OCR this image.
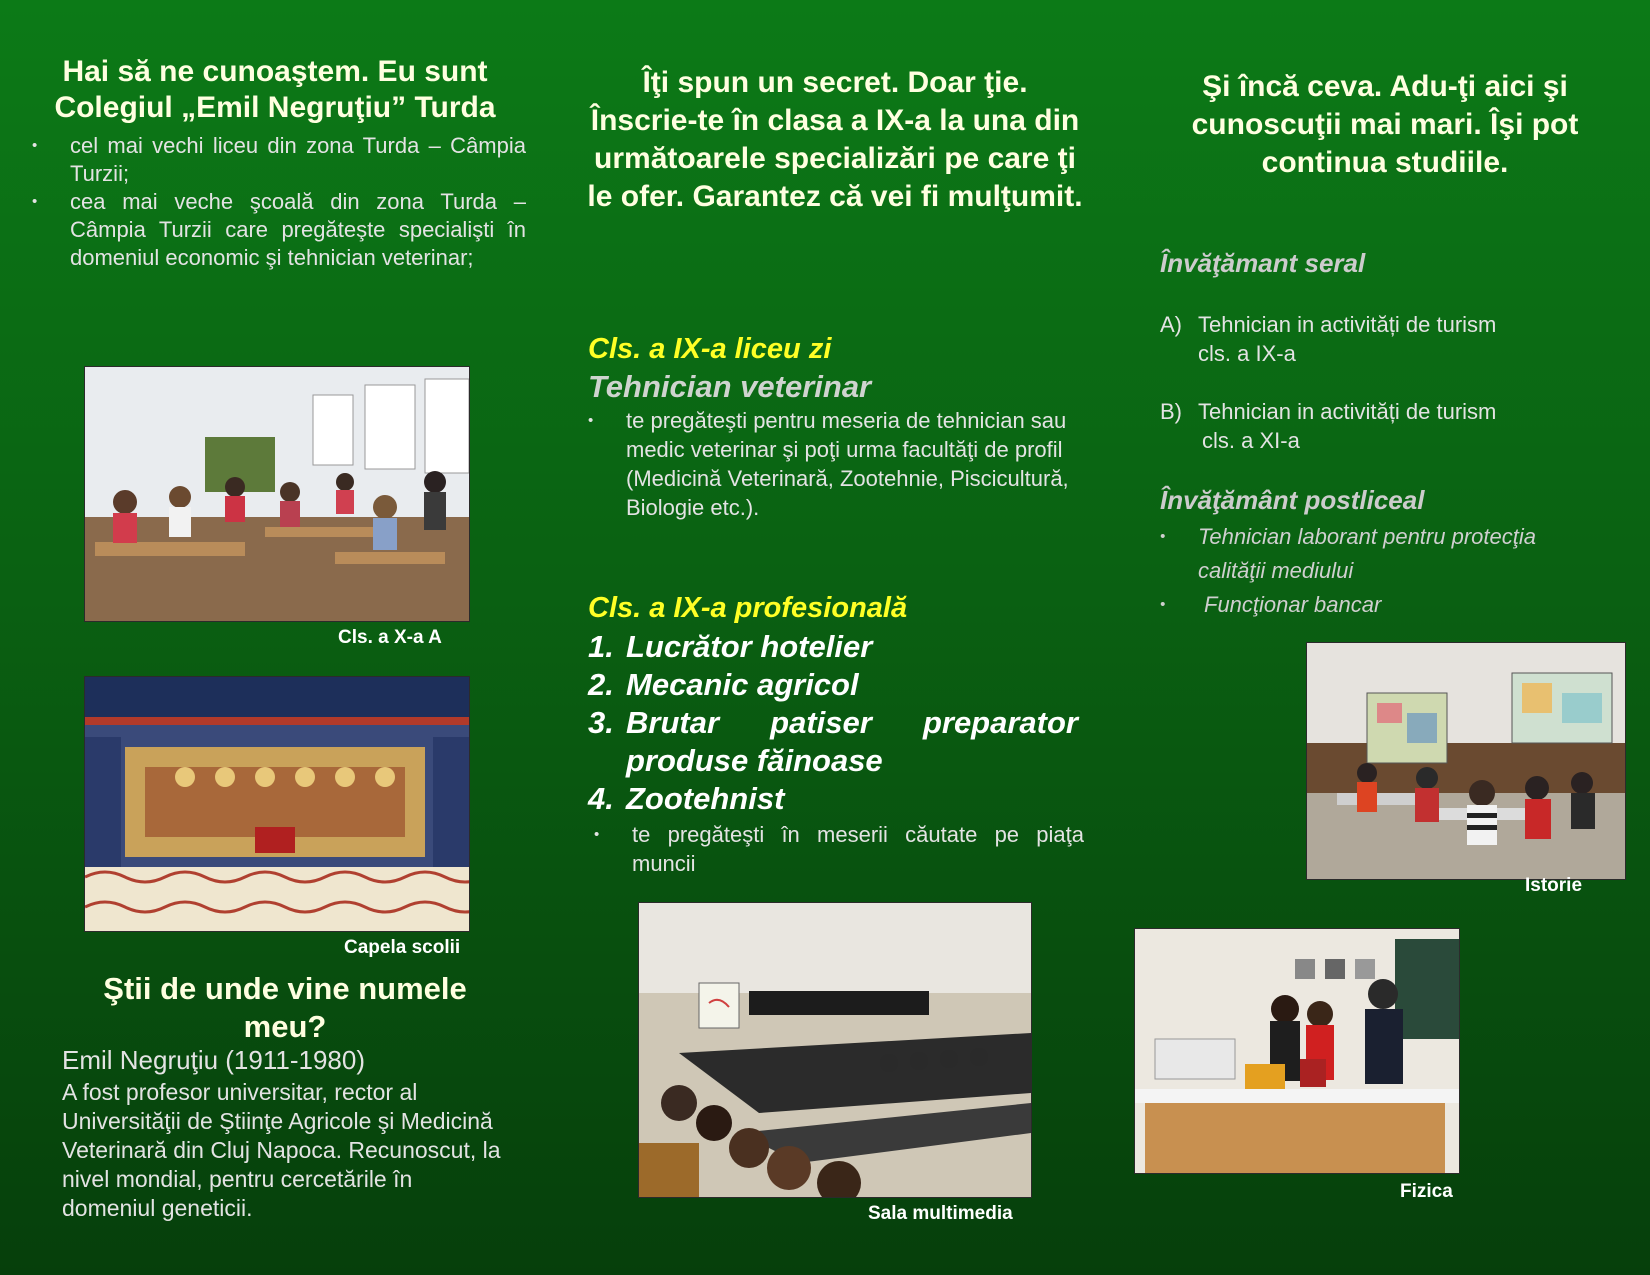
Hai să ne cunoaştem. Eu sunt
Colegiul „Emil Negruţiu” Turda
• cel mai vechi liceu din zona Turda – Câmpia Turzii;
• cea mai veche şcoală din zona Turda – Câmpia Turzii care pregăteşte specialişti în domeniul economic şi tehnician veterinar;
Cls. a X-a A
Capela scolii
Ştii de unde vine numele
meu?
Emil Negruţiu (1911-1980)
A fost profesor universitar, rector al Universităţii de Ştiinţe Agricole şi Medicină Veterinară din Cluj Napoca. Recunoscut, la nivel mondial, pentru cercetările în domeniul geneticii.
Îţi spun un secret. Doar ţie. Înscrie-te în clasa a IX-a la una din următoarele specializări pe care ţi le ofer. Garantez că vei fi mulţumit.
Cls. a IX-a liceu zi
Tehnician veterinar
• te pregăteşti pentru meseria de tehnician sau medic veterinar şi poţi urma facultăţi de profil (Medicină Veterinară, Zootehnie, Piscicultură, Biologie etc.).
Cls. a IX-a profesională
1. Lucrător hotelier
2. Mecanic agricol
3. Brutar patiser preparator produse făinoase
4. Zootehnist
• te pregăteşti în meserii căutate pe piaţa muncii
Sala multimedia
Şi încă ceva. Adu-ţi aici şi cunoscuţii mai mari. Îşi pot continua studiile.
Învăţămant seral
A) Tehnician in activități de turism
cls. a IX-a
B) Tehnician in activități de turism
cls. a XI-a
Învăţământ postliceal
• Tehnician laborant pentru protecţia calităţii mediului
• Funcţionar bancar
Istorie
Fizica
